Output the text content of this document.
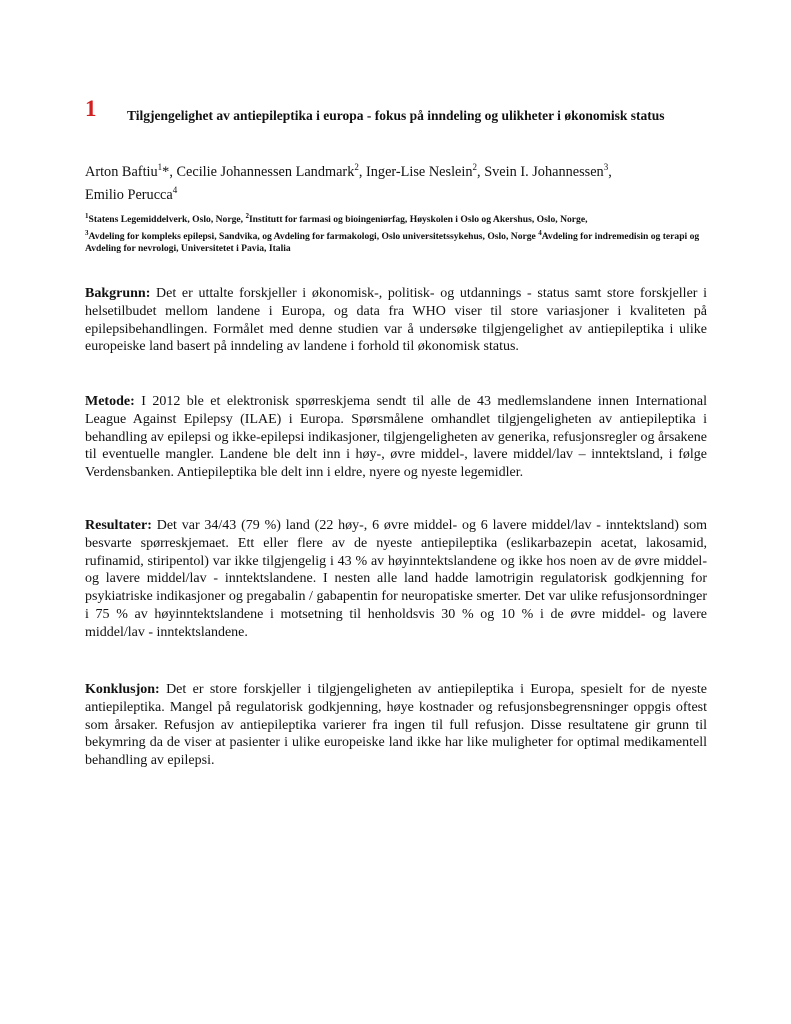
1 Tilgjengelighet av antiepileptika i europa - fokus på inndeling og ulikheter i økonomisk status
Arton Baftiu$^1$*, Cecilie Johannessen Landmark$^2$, Inger-Lise Neslein$^2$, Svein I. Johannessen$^3$,
Emilio Perucca$^4$
$^1$Statens Legemiddelverk, Oslo, Norge, $^2$Institutt for farmasi og bioingeniørfag, Høyskolen i Oslo og Akershus, Oslo, Norge,
$^3$Avdeling for kompleks epilepsi, Sandvika, og Avdeling for farmakologi, Oslo universitetssykehus, Oslo, Norge $^4$Avdeling for indremedisin og terapi og Avdeling for nevrologi, Universitetet i Pavia, Italia

Bakgrunn: Det er uttalte forskjeller i økonomisk-, politisk- og utdannings - status samt store forskjeller i helsetilbudet mellom landene i Europa, og data fra WHO viser til store variasjoner i kvaliteten på epilepsibehandlingen. Formålet med denne studien var å undersøke tilgjengelighet av antiepileptika i ulike europeiske land basert på inndeling av landene i forhold til økonomisk status.

Metode: I 2012 ble et elektronisk spørreskjema sendt til alle de 43 medlemslandene innen International League Against Epilepsy (ILAE) i Europa. Spørsmålene omhandlet tilgjengeligheten av antiepileptika i behandling av epilepsi og ikke-epilepsi indikasjoner, tilgjengeligheten av generika, refusjonsregler og årsakene til eventuelle mangler. Landene ble delt inn i høy-, øvre middel-, lavere middel/lav – inntektsland, i følge Verdensbanken. Antiepileptika ble delt inn i eldre, nyere og nyeste legemidler.

Resultater: Det var 34/43 (79 %) land (22 høy-, 6 øvre middel- og 6 lavere middel/lav - inntektsland) som besvarte spørreskjemaet. Ett eller flere av de nyeste antiepileptika (eslikarbazepin acetat, lakosamid, rufinamid, stiripentol) var ikke tilgjengelig i 43 % av høyinntektslandene og ikke hos noen av de øvre middel- og lavere middel/lav - inntektslandene. I nesten alle land hadde lamotrigin regulatorisk godkjenning for psykiatriske indikasjoner og pregabalin / gabapentin for neuropatiske smerter. Det var ulike refusjonsordninger i 75 % av høyinntektslandene i motsetning til henholdsvis 30 % og 10 % i de øvre middel- og lavere middel/lav - inntektslandene.

Konklusjon: Det er store forskjeller i tilgjengeligheten av antiepileptika i Europa, spesielt for de nyeste antiepileptika. Mangel på regulatorisk godkjenning, høye kostnader og refusjonsbegrensninger oppgis oftest som årsaker. Refusjon av antiepileptika varierer fra ingen til full refusjon. Disse resultatene gir grunn til bekymring da de viser at pasienter i ulike europeiske land ikke har like muligheter for optimal medikamentell behandling av epilepsi.
